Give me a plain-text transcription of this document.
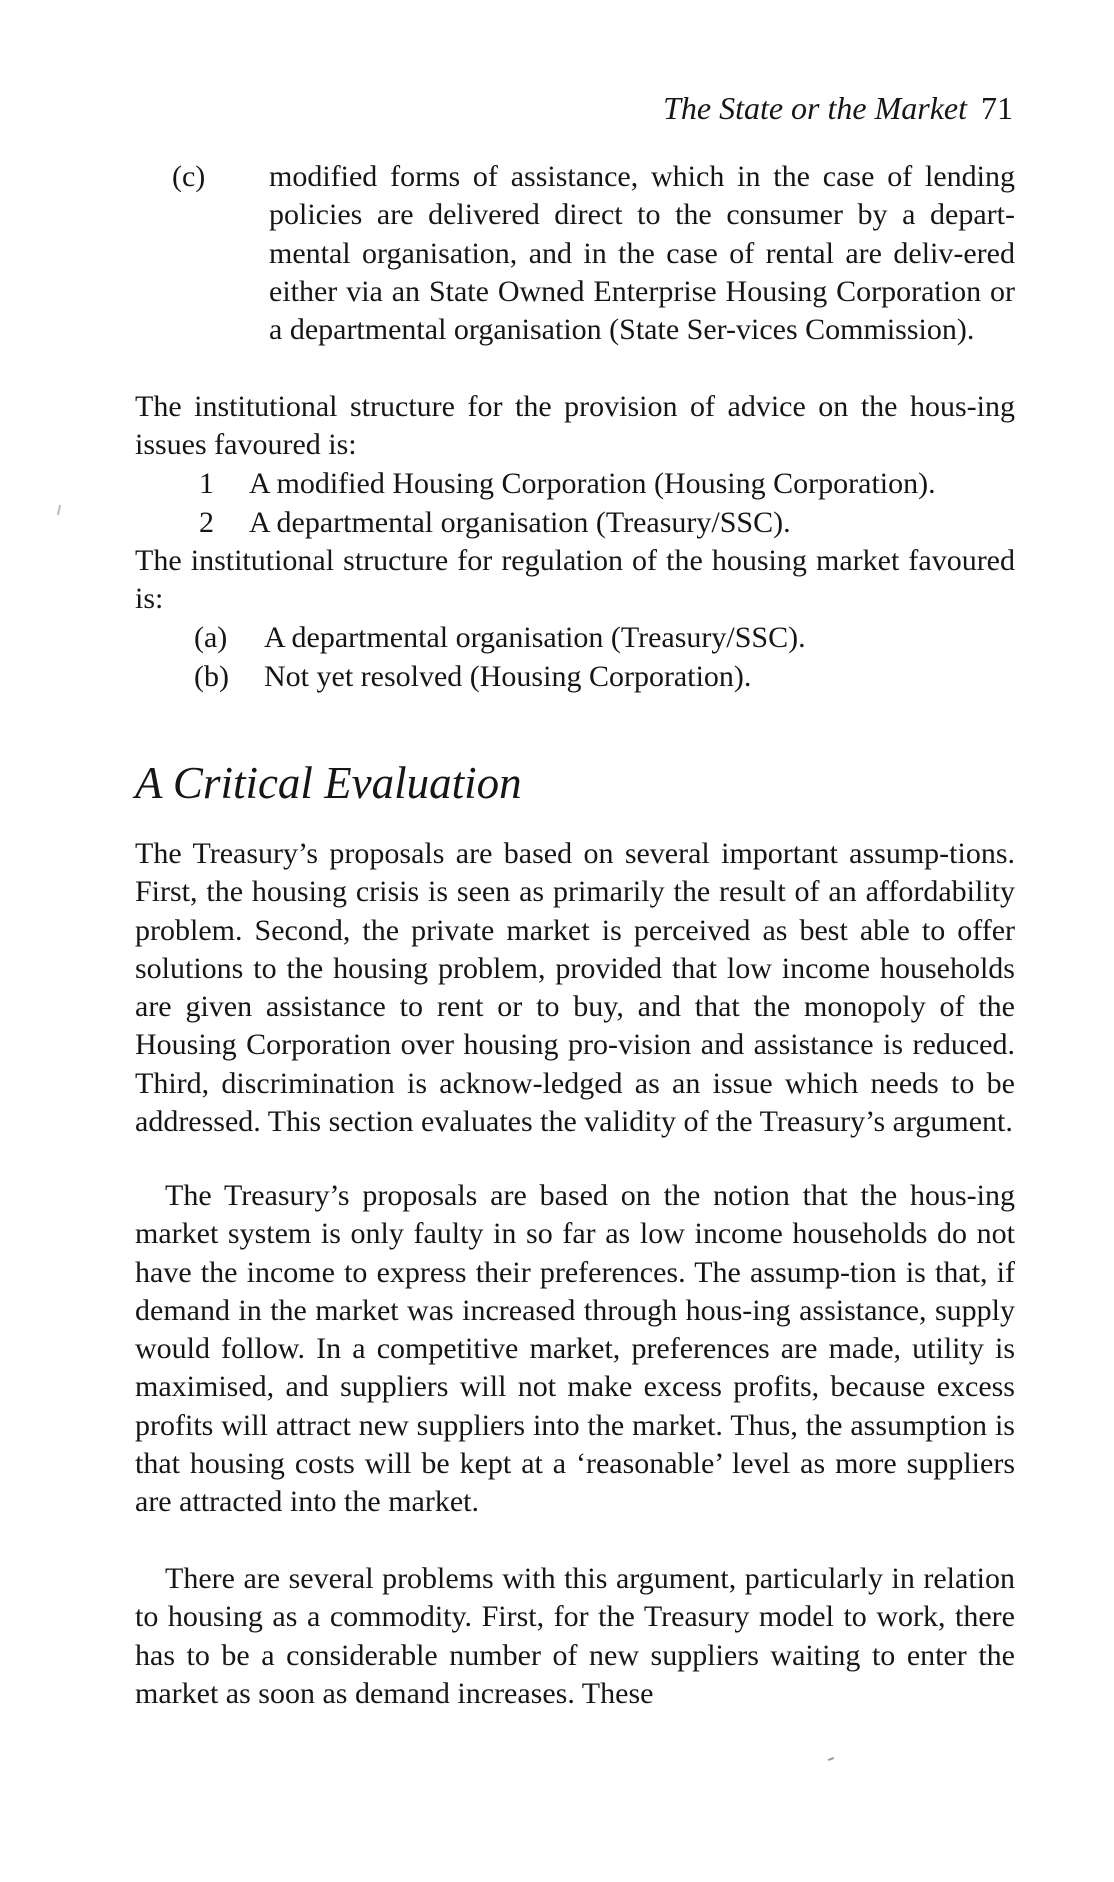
The State or the Market 71
(c) modified forms of assistance, which in the case of lending policies are delivered direct to the consumer by a depart-mental organisation, and in the case of rental are deliv-ered either via an State Owned Enterprise Housing Corporation or a departmental organisation (State Ser-vices Commission).
The institutional structure for the provision of advice on the hous-ing issues favoured is:
1 A modified Housing Corporation (Housing Corporation).
2 A departmental organisation (Treasury/SSC).
The institutional structure for regulation of the housing market favoured is:
(a) A departmental organisation (Treasury/SSC).
(b) Not yet resolved (Housing Corporation).
A Critical Evaluation
The Treasury’s proposals are based on several important assump-tions. First, the housing crisis is seen as primarily the result of an affordability problem. Second, the private market is perceived as best able to offer solutions to the housing problem, provided that low income households are given assistance to rent or to buy, and that the monopoly of the Housing Corporation over housing pro-vision and assistance is reduced. Third, discrimination is acknow-ledged as an issue which needs to be addressed. This section evaluates the validity of the Treasury’s argument.
The Treasury’s proposals are based on the notion that the hous-ing market system is only faulty in so far as low income households do not have the income to express their preferences. The assump-tion is that, if demand in the market was increased through hous-ing assistance, supply would follow. In a competitive market, preferences are made, utility is maximised, and suppliers will not make excess profits, because excess profits will attract new suppliers into the market. Thus, the assumption is that housing costs will be kept at a ‘reasonable’ level as more suppliers are attracted into the market.
There are several problems with this argument, particularly in relation to housing as a commodity. First, for the Treasury model to work, there has to be a considerable number of new suppliers waiting to enter the market as soon as demand increases. These
